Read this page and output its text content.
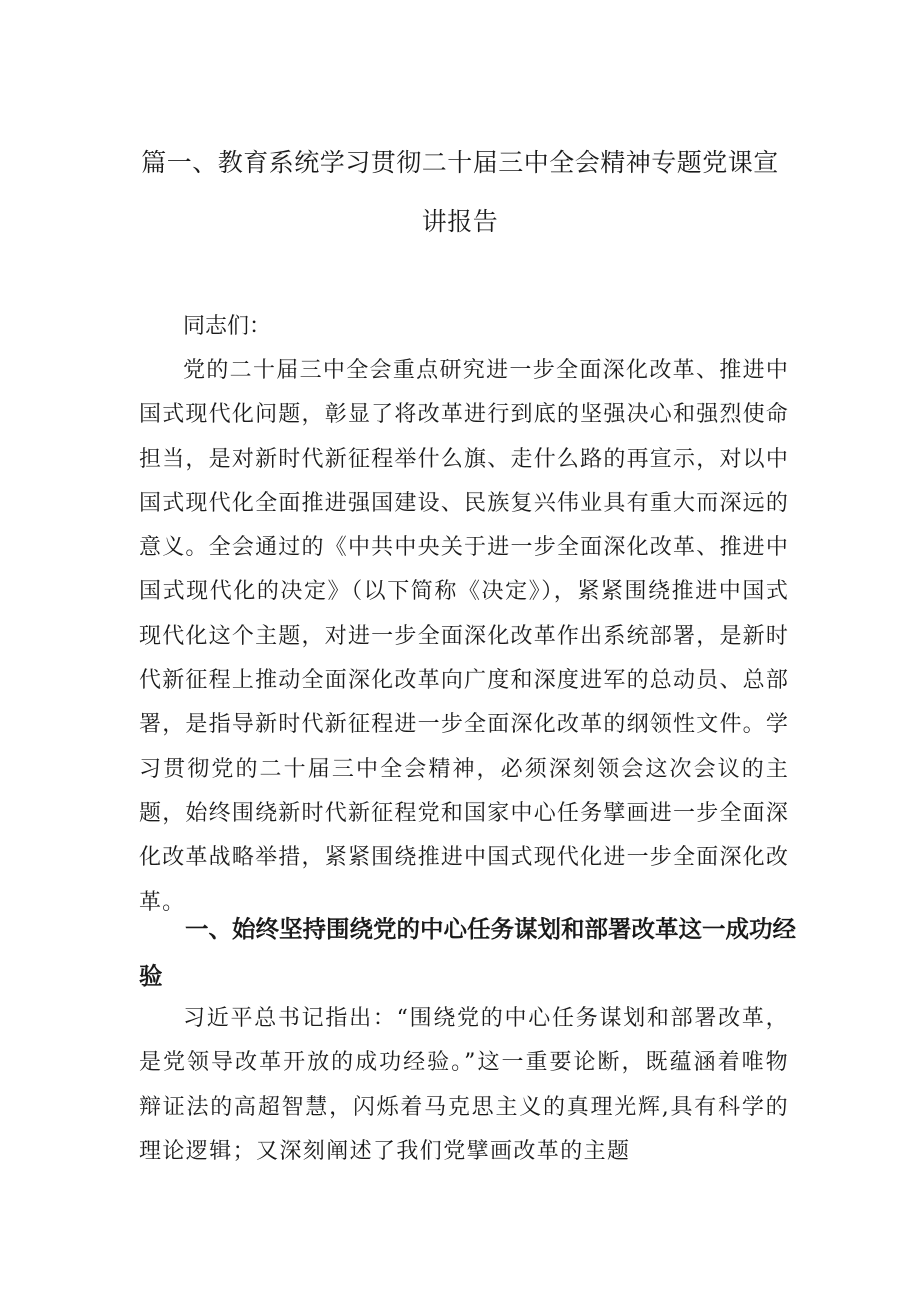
篇一、教育系统学习贯彻二十届三中全会精神专题党课宣
讲报告

同志们：

党的二十届三中全会重点研究进一步全面深化改革、推进中国式现代化问题，彰显了将改革进行到底的坚强决心和强烈使命担当，是对新时代新征程举什么旗、走什么路的再宣示，对以中国式现代化全面推进强国建设、民族复兴伟业具有重大而深远的意义。全会通过的《中共中央关于进一步全面深化改革、推进中国式现代化的决定》（以下简称《决定》），紧紧围绕推进中国式现代化这个主题，对进一步全面深化改革作出系统部署，是新时代新征程上推动全面深化改革向广度和深度进军的总动员、总部署，是指导新时代新征程进一步全面深化改革的纲领性文件。学习贯彻党的二十届三中全会精神，必须深刻领会这次会议的主题，始终围绕新时代新征程党和国家中心任务擘画进一步全面深化改革战略举措，紧紧围绕推进中国式现代化进一步全面深化改革。

一、始终坚持围绕党的中心任务谋划和部署改革这一成功经验

习近平总书记指出：“围绕党的中心任务谋划和部署改革，是党领导改革开放的成功经验。”这一重要论断，既蕴涵着唯物辩证法的高超智慧，闪烁着马克思主义的真理光辉,具有科学的理论逻辑；又深刻阐述了我们党擘画改革的主题
